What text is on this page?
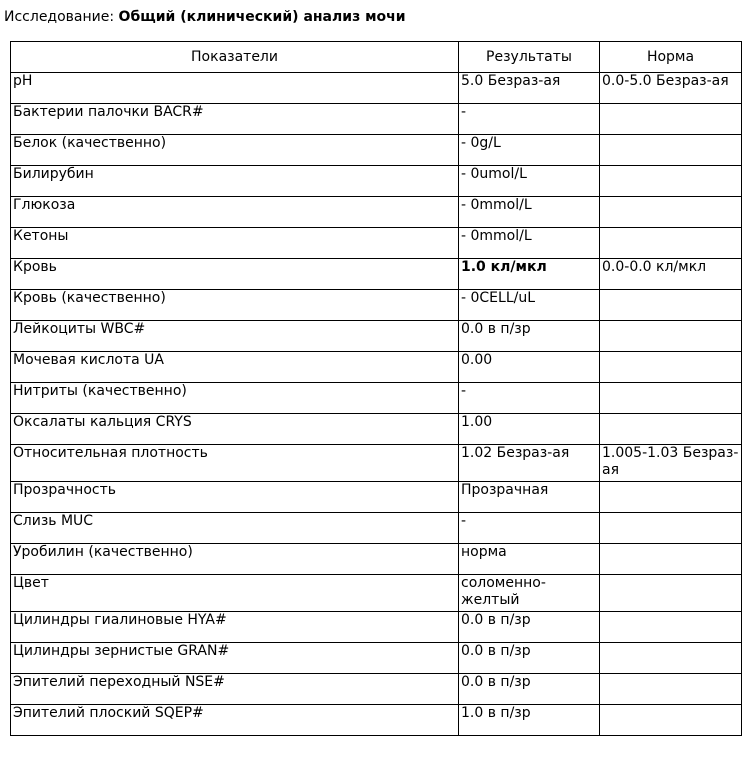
Исследование: Общий (клинический) анализ мочи
Показатели	Результаты	Норма
pH	5.0 Безраз-ая	0.0-5.0 Безраз-ая
Бактерии палочки BACR#	-	
Белок (качественно)	- 0g/L	
Билирубин	- 0umol/L	
Глюкоза	- 0mmol/L	
Кетоны	- 0mmol/L	
Кровь	1.0 кл/мкл	0.0-0.0 кл/мкл
Кровь (качественно)	- 0CELL/uL	
Лейкоциты WBC#	0.0 в п/зр	
Мочевая кислота UA	0.00	
Нитриты (качественно)	-	
Оксалаты кальция CRYS	1.00	
Относительная плотность	1.02 Безраз-ая	1.005-1.03 Безраз-ая
Прозрачность	Прозрачная	
Слизь MUC	-	
Уробилин (качественно)	норма	
Цвет	соломенно-желтый	
Цилиндры гиалиновые HYA#	0.0 в п/зр	
Цилиндры зернистые GRAN#	0.0 в п/зр	
Эпителий переходный NSE#	0.0 в п/зр	
Эпителий плоский SQEP#	1.0 в п/зр	
